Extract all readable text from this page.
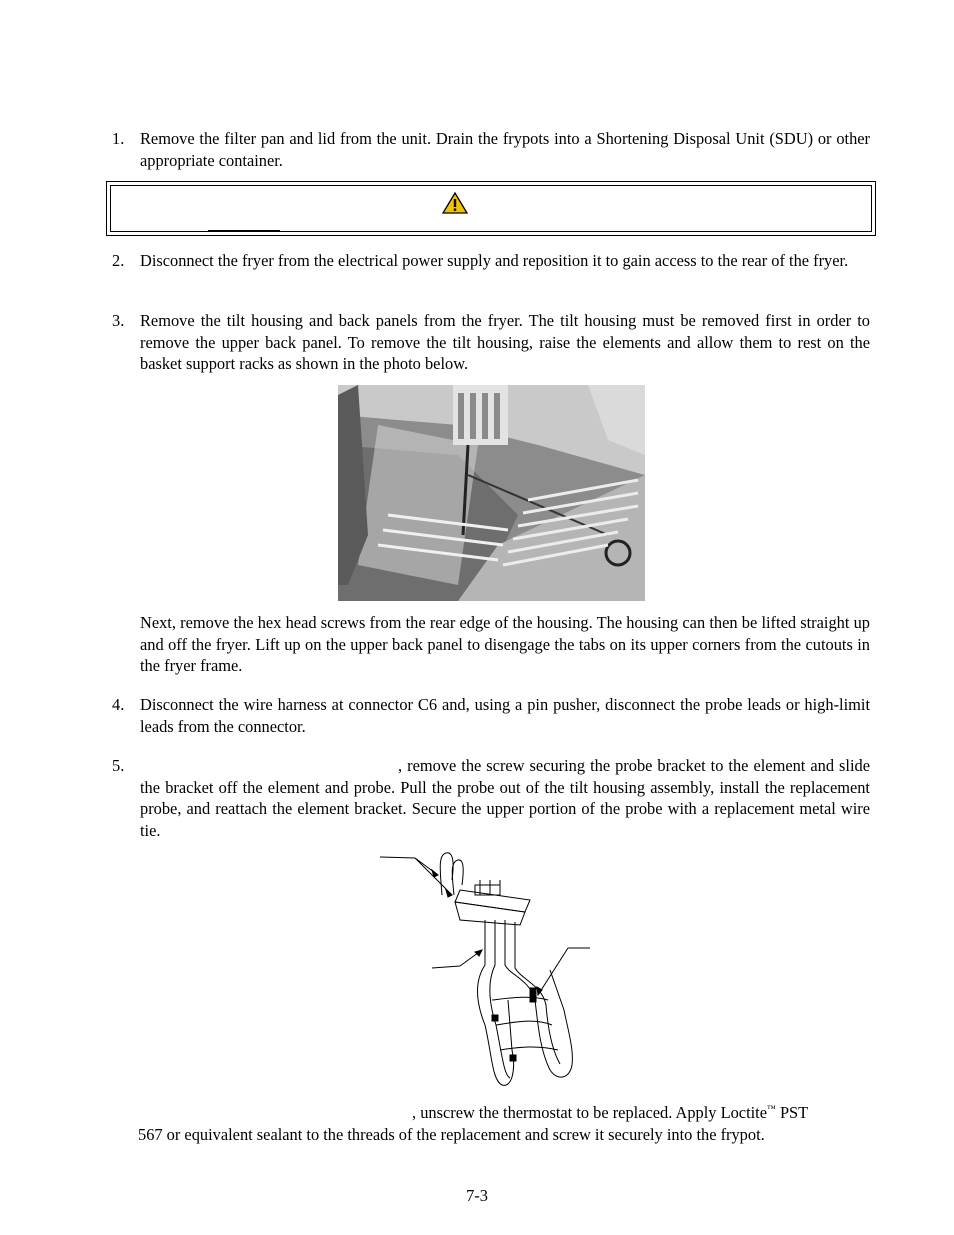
1. Remove the filter pan and lid from the unit. Drain the frypots into a Shortening Disposal Unit (SDU) or other appropriate container.
2. Disconnect the fryer from the electrical power supply and reposition it to gain access to the rear of the fryer.
3. Remove the tilt housing and back panels from the fryer. The tilt housing must be removed first in order to remove the upper back panel. To remove the tilt housing, raise the elements and allow them to rest on the basket support racks as shown in the photo below.
Next, remove the hex head screws from the rear edge of the housing. The housing can then be lifted straight up and off the fryer. Lift up on the upper back panel to disengage the tabs on its upper corners from the cutouts in the fryer frame.
4. Disconnect the wire harness at connector C6 and, using a pin pusher, disconnect the probe leads or high-limit leads from the connector.
5.	, remove the screw securing the probe bracket to the element and slide the bracket off the element and probe. Pull the probe out of the tilt housing assembly, install the replacement probe, and reattach the element bracket. Secure the upper portion of the probe with a replacement metal wire tie.
, unscrew the thermostat to be replaced. Apply Loctite™ PST
567 or equivalent sealant to the threads of the replacement and screw it securely into the frypot.
7-3
